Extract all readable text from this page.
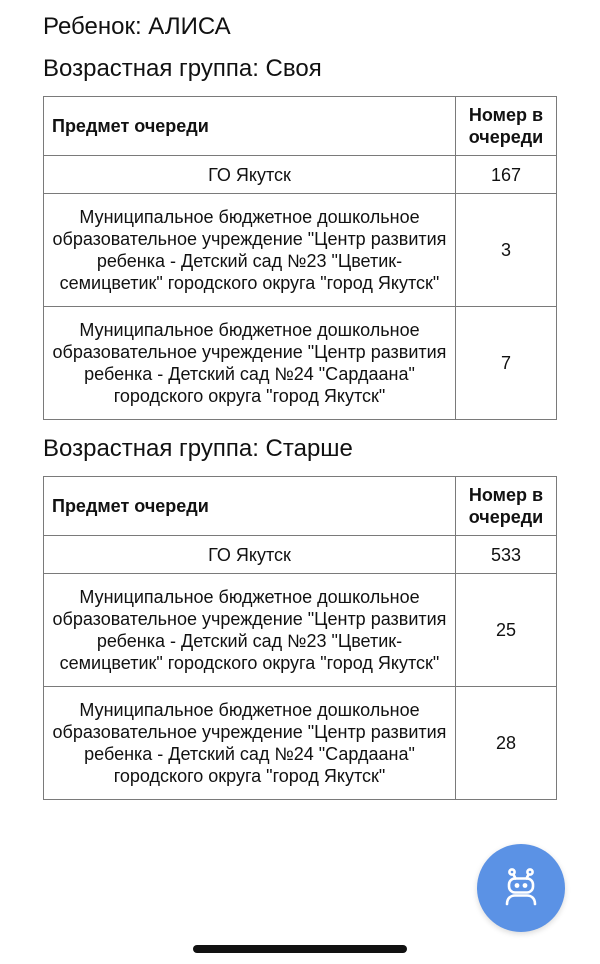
Ребенок: АЛИСА
Возрастная группа: Своя
Предмет очереди	Номер в
очереди
ГО Якутск	167
Муниципальное бюджетное дошкольное образовательное учреждение "Центр развития ребенка - Детский сад №23 "Цветик-семицветик" городского округа "город Якутск"	3
Муниципальное бюджетное дошкольное образовательное учреждение "Центр развития ребенка - Детский сад №24 "Сардаана" городского округа "город Якутск"	7
Возрастная группа: Старше
Предмет очереди	Номер в
очереди
ГО Якутск	533
Муниципальное бюджетное дошкольное образовательное учреждение "Центр развития ребенка - Детский сад №23 "Цветик-семицветик" городского округа "город Якутск"	25
Муниципальное бюджетное дошкольное образовательное учреждение "Центр развития ребенка - Детский сад №24 "Сардаана" городского округа "город Якутск"	28
